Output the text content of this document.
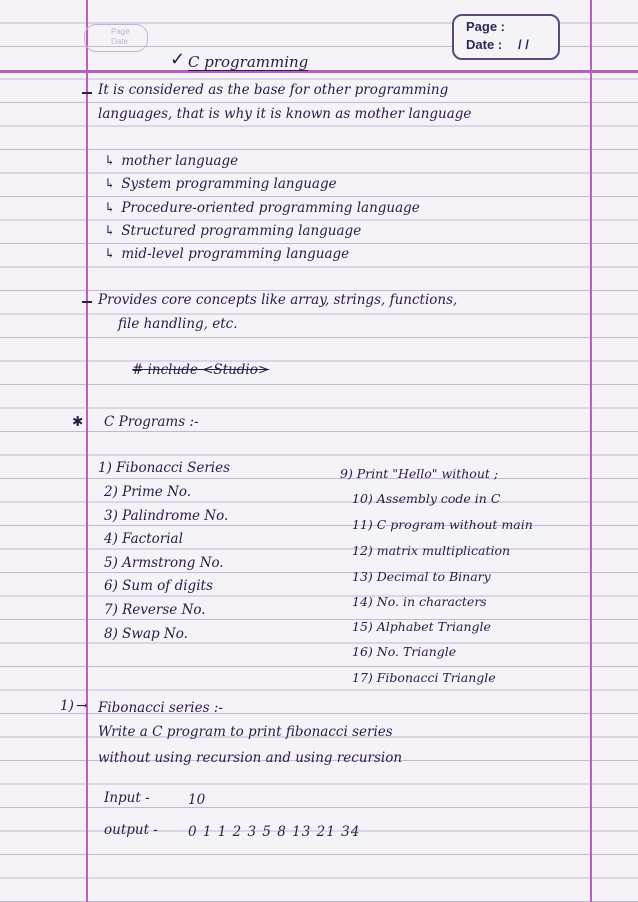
Page
Date
Page :
Date : / /
✓ C programming
It is considered as the base for other programming
languages, that is why it is known as mother language
↳ mother language
↳ System programming language
↳ Procedure-oriented programming language
↳ Structured programming language
↳ mid-level programming language
Provides core concepts like array, strings, functions,
file handling, etc.
# include <Studio>
✱ C Programs :-
1) Fibonacci Series
2) Prime No.
3) Palindrome No.
4) Factorial
5) Armstrong No.
6) Sum of digits
7) Reverse No.
8) Swap No.
9) Print "Hello" without ;
10) Assembly code in C
11) C program without main
12) matrix multiplication
13) Decimal to Binary
14) No. in characters
15) Alphabet Triangle
16) No. Triangle
17) Fibonacci Triangle
1) → Fibonacci series :-
Write a C program to print fibonacci series
without using recursion and using recursion
Input -	10
output - 0 1 1 2 3 5 8 13 21 34
